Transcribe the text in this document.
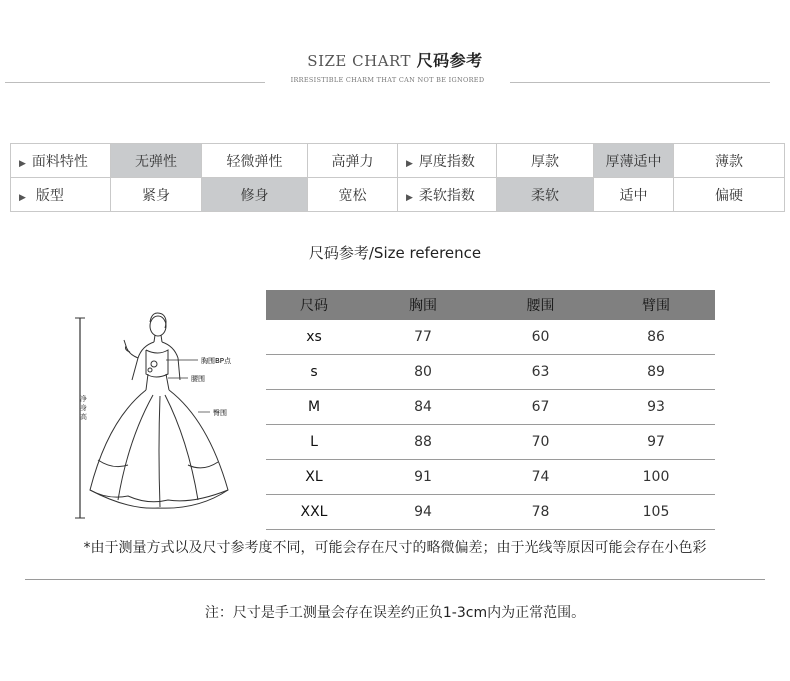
SIZE CHART 尺码参考
IRRESISTIBLE CHARM THAT CAN NOT BE IGNORED
▶ 面料特性	无弹性	轻微弹性	高弹力	▶ 厚度指数	厚款	厚薄适中	薄款
▶ 版型	紧身	修身	宽松	▶ 柔软指数	柔软	适中	偏硬
尺码参考/Size reference
胸围BP点
腰围
臀围
净身高
尺码	胸围	腰围	臂围
xs	77	60	86
s	80	63	89
M	84	67	93
L	88	70	97
XL	91	74	100
XXL	94	78	105
*由于测量方式以及尺寸参考度不同，可能会存在尺寸的略微偏差；由于光线等原因可能会存在小色彩
注：尺寸是手工测量会存在误差约正负1-3cm内为正常范围。
